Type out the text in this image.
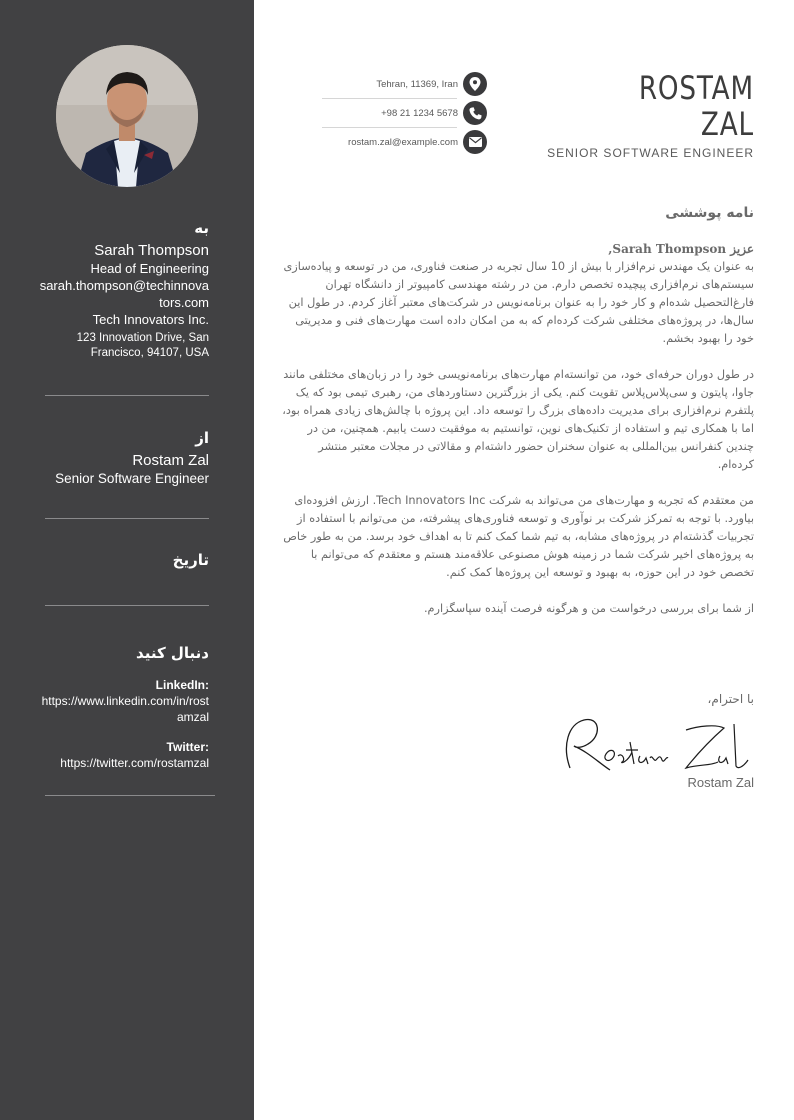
به
Sarah Thompson
Head of Engineering
sarah.thompson@techinnovators.com
Tech Innovators Inc.
123 Innovation Drive, San Francisco, 94107, USA
از
Rostam Zal
Senior Software Engineer
تاریخ
دنبال کنید
LinkedIn:
https://www.linkedin.com/in/rostamzal
Twitter:
https://twitter.com/rostamzal
ROSTAM
ZAL
SENIOR SOFTWARE ENGINEER
Tehran, 11369, Iran
+98 21 1234 5678
rostam.zal@example.com
نامه پوششی
عزیز Sarah Thompson,

به عنوان یک مهندس نرم‌افزار با بیش از 10 سال تجربه در صنعت فناوری، من در توسعه و پیاده‌سازی سیستم‌های نرم‌افزاری پیچیده تخصص دارم. من در رشته مهندسی کامپیوتر از دانشگاه تهران فارغ‌التحصیل شده‌ام و کار خود را به عنوان برنامه‌نویس در شرکت‌های معتبر آغاز کردم. در طول این سال‌ها، در پروژه‌های مختلفی شرکت کرده‌ام که به من امکان داده است مهارت‌های فنی و مدیریتی خود را بهبود بخشم.

در طول دوران حرفه‌ای خود، من توانسته‌ام مهارت‌های برنامه‌نویسی خود را در زبان‌های مختلفی مانند جاوا، پایتون و سی‌پلاس‌پلاس تقویت کنم. یکی از بزرگترین دستاوردهای من، رهبری تیمی بود که یک پلتفرم نرم‌افزاری برای مدیریت داده‌های بزرگ را توسعه داد. این پروژه با چالش‌های زیادی همراه بود، اما با همکاری تیم و استفاده از تکنیک‌های نوین، توانستیم به موفقیت دست یابیم. همچنین، من در چندین کنفرانس بین‌المللی به عنوان سخنران حضور داشته‌ام و مقالاتی در مجلات معتبر منتشر کرده‌ام.

من معتقدم که تجربه و مهارت‌های من می‌تواند به شرکت Tech Innovators Inc. ارزش افزوده‌ای بیاورد. با توجه به تمرکز شرکت بر نوآوری و توسعه فناوری‌های پیشرفته، من می‌توانم با استفاده از تجربیات گذشته‌ام در پروژه‌های مشابه، به تیم شما کمک کنم تا به اهداف خود برسد. من به طور خاص به پروژه‌های اخیر شرکت شما در زمینه هوش مصنوعی علاقه‌مند هستم و معتقدم که می‌توانم با تخصص خود در این حوزه، به بهبود و توسعه این پروژه‌ها کمک کنم.

از شما برای بررسی درخواست من و هرگونه فرصت آینده سپاسگزارم.

با احترام،
Rostam Zal
